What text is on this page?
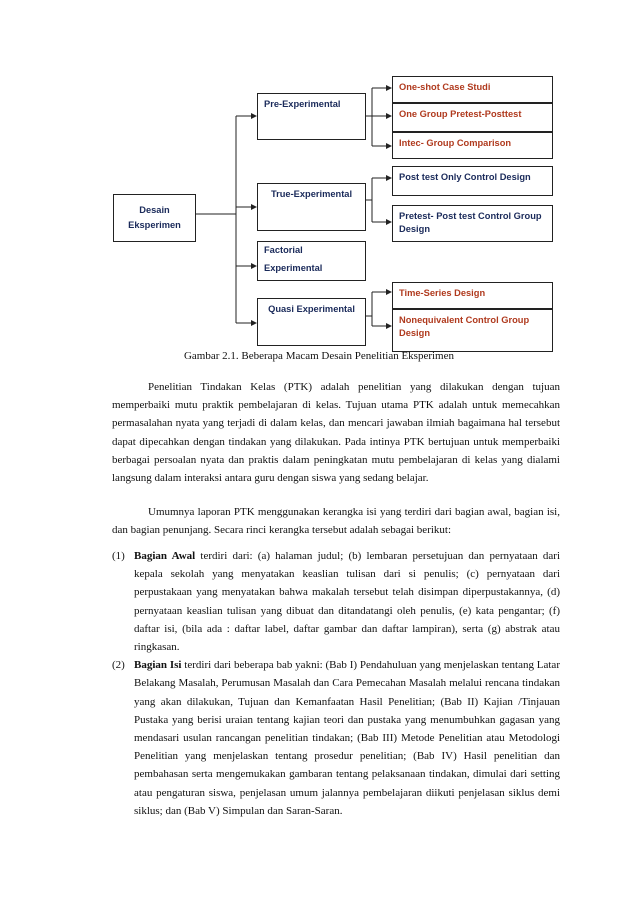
Desain Eksperimen
Pre-Experimental
True-Experimental
Factorial
Experimental
Quasi Experimental
One-shot Case Studi
One Group Pretest-Posttest
Intec- Group Comparison
Post test Only Control Design
Pretest- Post test Control Group Design
Time-Series Design
Nonequivalent Control Group Design
Gambar 2.1. Beberapa Macam Desain Penelitian Eksperimen

Penelitian Tindakan Kelas (PTK) adalah penelitian yang dilakukan dengan tujuan memperbaiki mutu praktik pembelajaran di kelas. Tujuan utama PTK adalah untuk memecahkan permasalahan nyata yang terjadi di dalam kelas, dan mencari jawaban ilmiah bagaimana hal tersebut dapat dipecahkan dengan tindakan yang dilakukan. Pada intinya PTK bertujuan untuk memperbaiki berbagai persoalan nyata dan praktis dalam peningkatan mutu pembelajaran di kelas yang dialami langsung dalam interaksi antara guru dengan siswa yang sedang belajar.

Umumnya laporan PTK menggunakan kerangka isi yang terdiri dari bagian awal, bagian isi, dan bagian penunjang. Secara rinci kerangka tersebut adalah sebagai berikut:

(1) Bagian Awal terdiri dari: (a) halaman judul; (b) lembaran persetujuan dan pernyataan dari kepala sekolah yang menyatakan keaslian tulisan dari si penulis; (c) pernyataan dari perpustakaan yang menyatakan bahwa makalah tersebut telah disimpan diperpustakannya, (d) pernyataan keaslian tulisan yang dibuat dan ditandatangi oleh penulis, (e) kata pengantar; (f) daftar isi, (bila ada : daftar label, daftar gambar dan daftar lampiran), serta (g) abstrak atau ringkasan.
(2) Bagian Isi terdiri dari beberapa bab yakni: (Bab I) Pendahuluan yang menjelaskan tentang Latar Belakang Masalah, Perumusan Masalah dan Cara Pemecahan Masalah melalui rencana tindakan yang akan dilakukan, Tujuan dan Kemanfaatan Hasil Penelitian; (Bab II) Kajian /Tinjauan Pustaka yang berisi uraian tentang kajian teori dan pustaka yang menumbuhkan gagasan yang mendasari usulan rancangan penelitian tindakan; (Bab III) Metode Penelitian atau Metodologi Penelitian yang menjelaskan tentang prosedur penelitian; (Bab IV) Hasil penelitian dan pembahasan serta mengemukakan gambaran tentang pelaksanaan tindakan, dimulai dari setting atau pengaturan siswa, penjelasan umum jalannya pembelajaran diikuti penjelasan siklus demi siklus; dan (Bab V) Simpulan dan Saran-Saran.
